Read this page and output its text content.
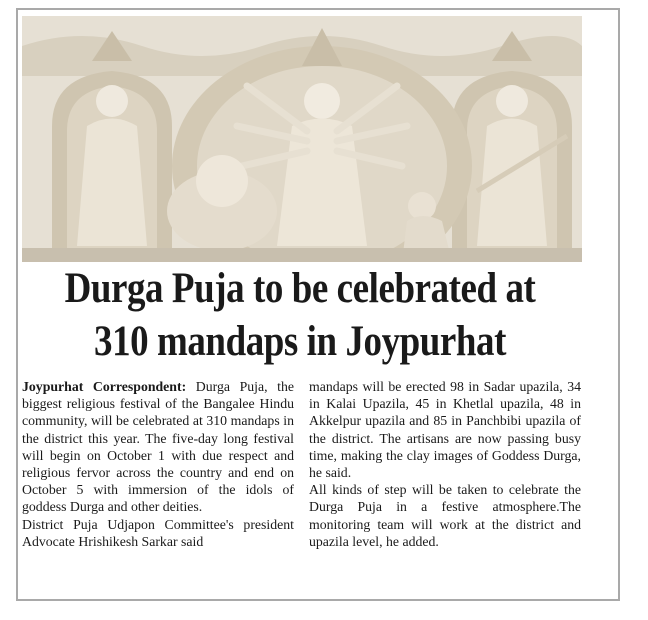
Durga Puja to be celebrated at
310 mandaps in Joypurhat

Joypurhat Correspondent: Durga Puja, the biggest religious festival of the Bangalee Hindu community, will be celebrated at 310 mandaps in the district this year. The five-day long festival will begin on October 1 with due respect and religious fervor across the country and end on October 5 with immersion of the idols of goddess Durga and other deities.

District Puja Udjapon Committee's president Advocate Hrishikesh Sarkar said

mandaps will be erected 98 in Sadar upazila, 34 in Kalai Upazila, 45 in Khetlal upazila, 48 in Akkelpur upazila and 85 in Panchbibi upazila of the district. The artisans are now passing busy time, making the clay images of Goddess Durga, he said.

All kinds of step will be taken to celebrate the Durga Puja in a festive atmosphere.The monitoring team will work at the district and upazila level, he added.
